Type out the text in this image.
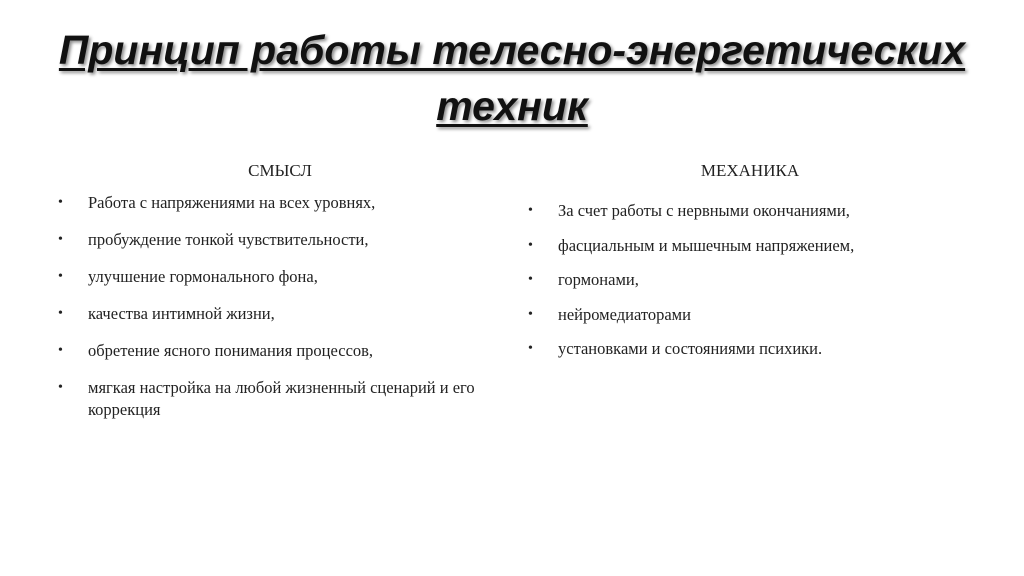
Принцип работы телесно-энергетических техник
СМЫСЛ	МЕХАНИКА
• Работа с напряжениями на всех уровнях,
• пробуждение тонкой чувствительности,
• улучшение гормонального фона,
• качества интимной жизни,
• обретение ясного понимания процессов,
• мягкая настройка на любой жизненный сценарий и его коррекция
• За счет работы с нервными окончаниями,
• фасциальным и мышечным напряжением,
• гормонами,
• нейромедиаторами
• установками и состояниями психики.
